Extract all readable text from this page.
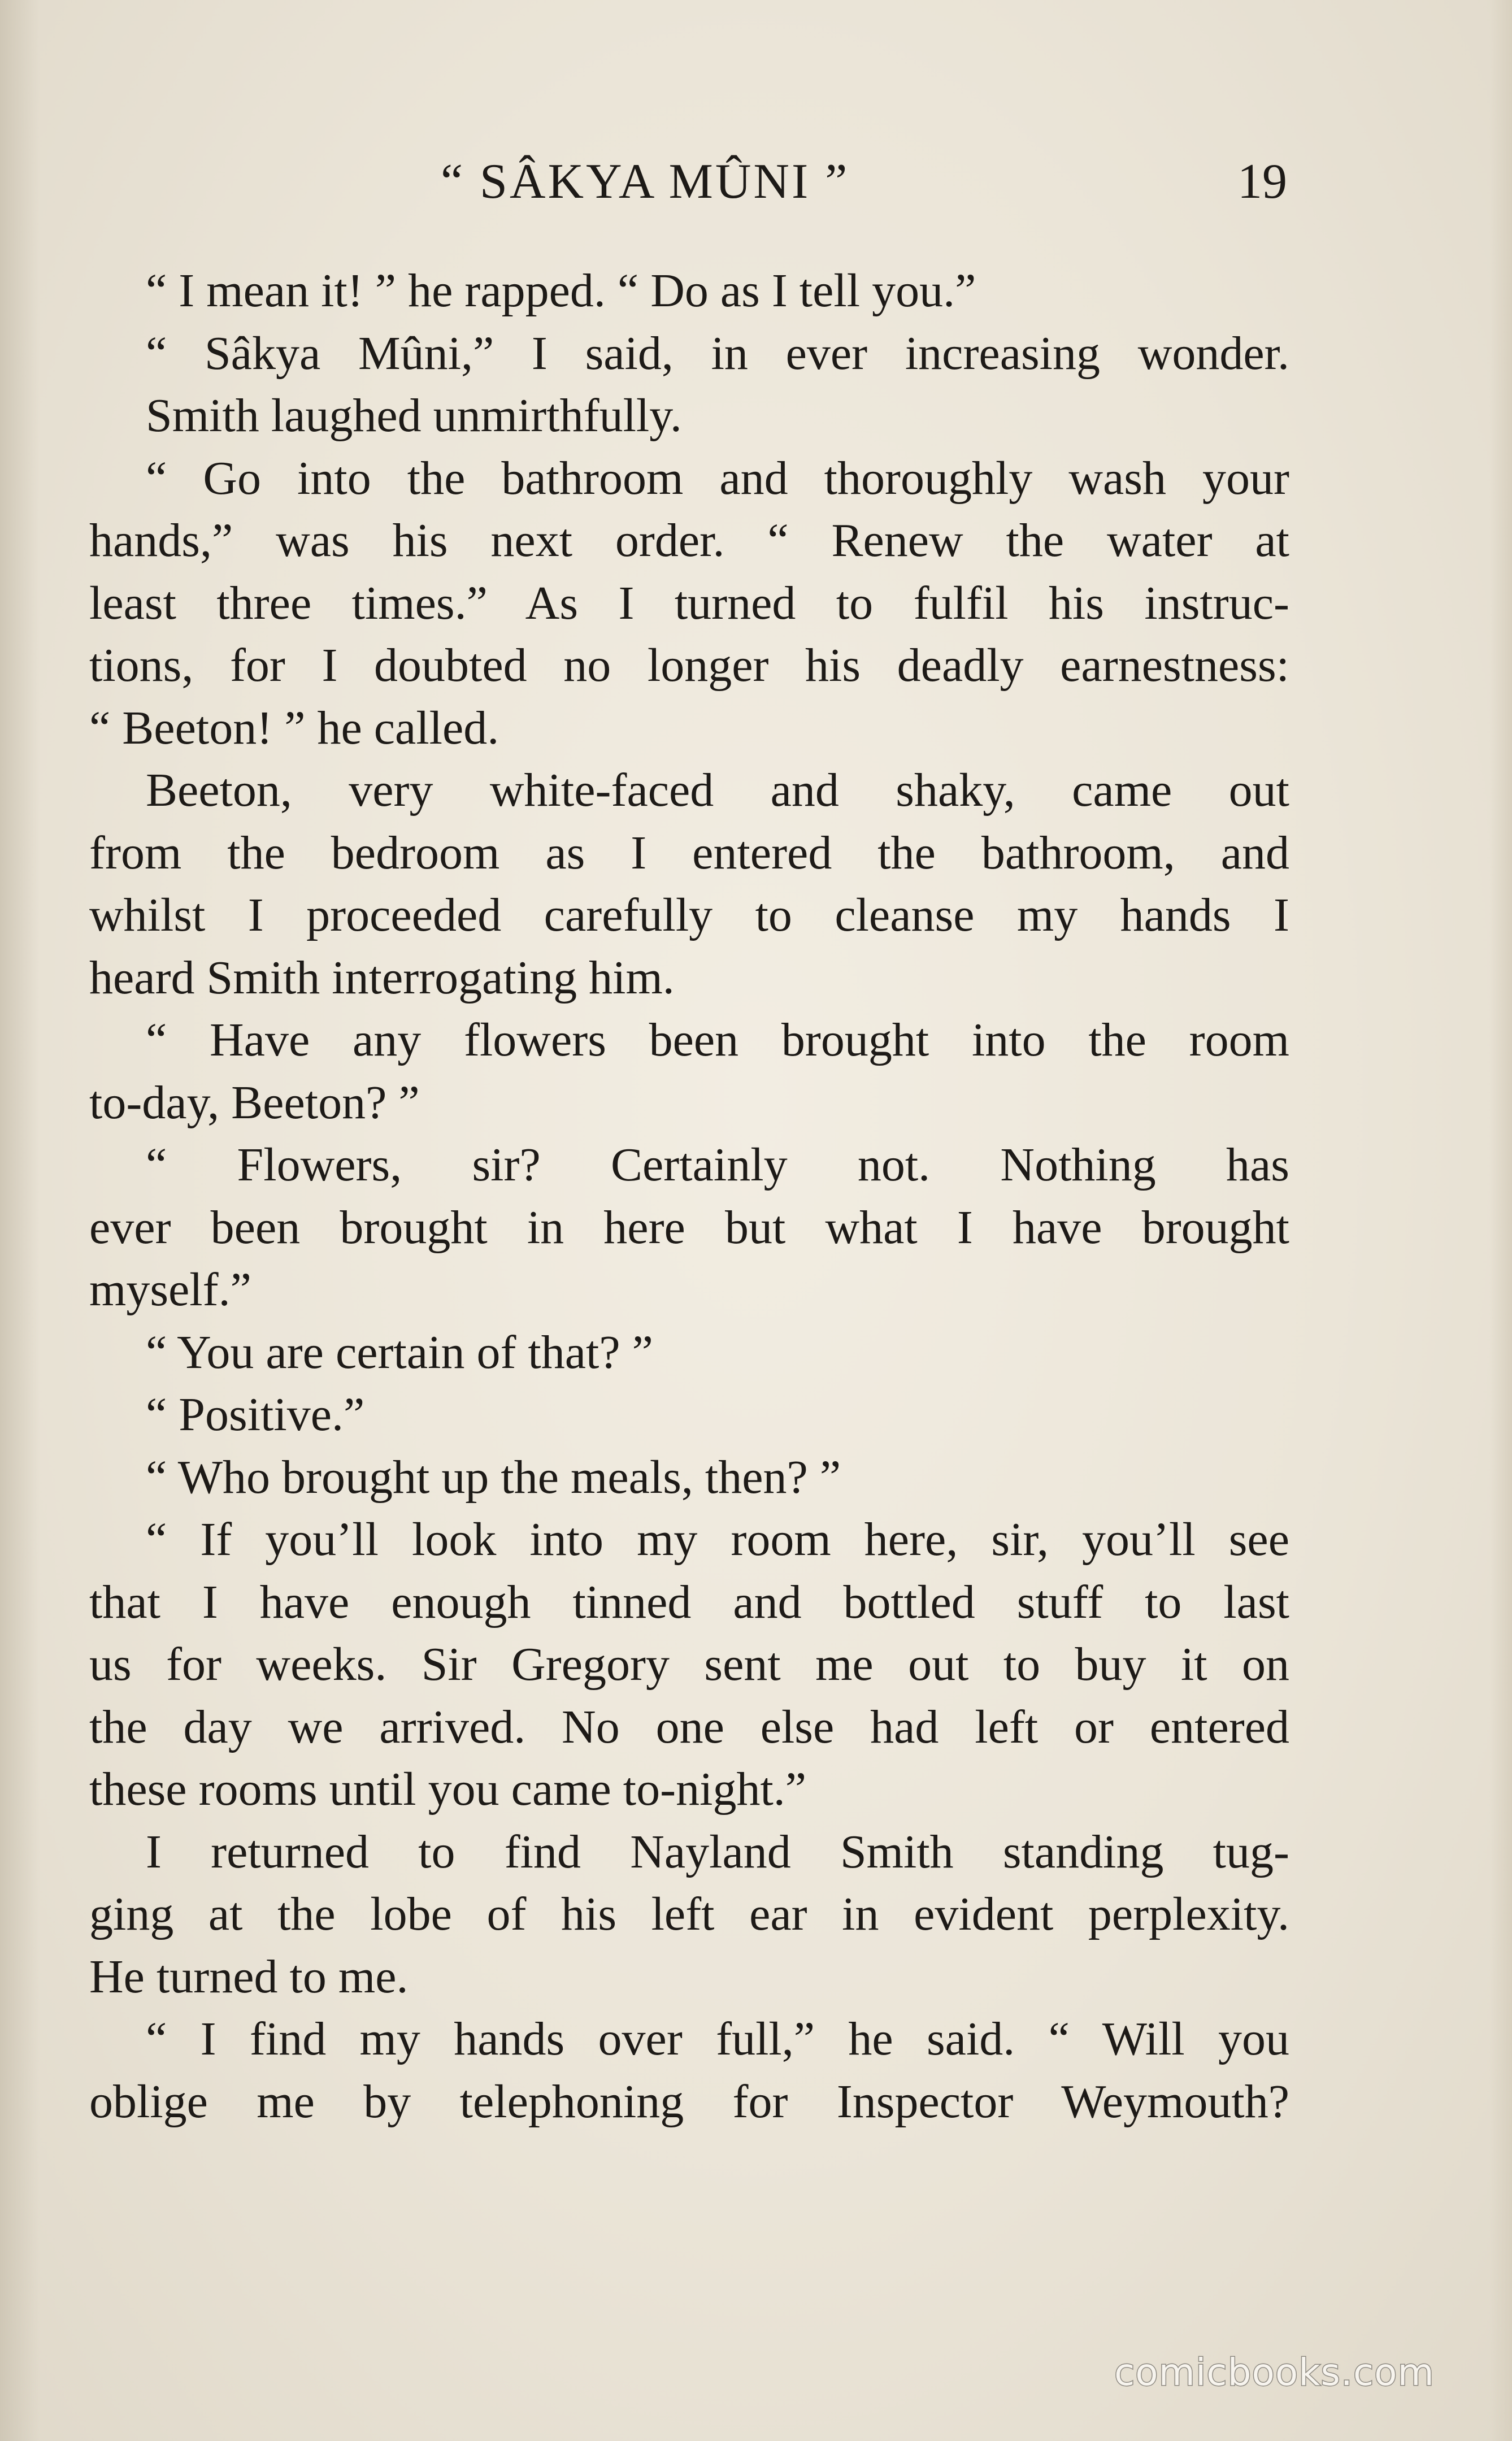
“ SÂKYA MÛNI ”	19
“ I mean it! ” he rapped. “ Do as I tell you.”
“ Sâkya Mûni,” I said, in ever increasing wonder.
Smith laughed unmirthfully.
“ Go into the bathroom and thoroughly wash your
hands,” was his next order. “ Renew the water at
least three times.” As I turned to fulfil his instruc-
tions, for I doubted no longer his deadly earnestness:
“ Beeton! ” he called.
Beeton, very white-faced and shaky, came out
from the bedroom as I entered the bathroom, and
whilst I proceeded carefully to cleanse my hands I
heard Smith interrogating him.
“ Have any flowers been brought into the room
to-day, Beeton? ”
“ Flowers, sir? Certainly not. Nothing has
ever been brought in here but what I have brought
myself.”
“ You are certain of that? ”
“ Positive.”
“ Who brought up the meals, then? ”
“ If you’ll look into my room here, sir, you’ll see
that I have enough tinned and bottled stuff to last
us for weeks. Sir Gregory sent me out to buy it on
the day we arrived. No one else had left or entered
these rooms until you came to-night.”
I returned to find Nayland Smith standing tug-
ging at the lobe of his left ear in evident perplexity.
He turned to me.
“ I find my hands over full,” he said. “ Will you
oblige me by telephoning for Inspector Weymouth?
comicbooks.com
